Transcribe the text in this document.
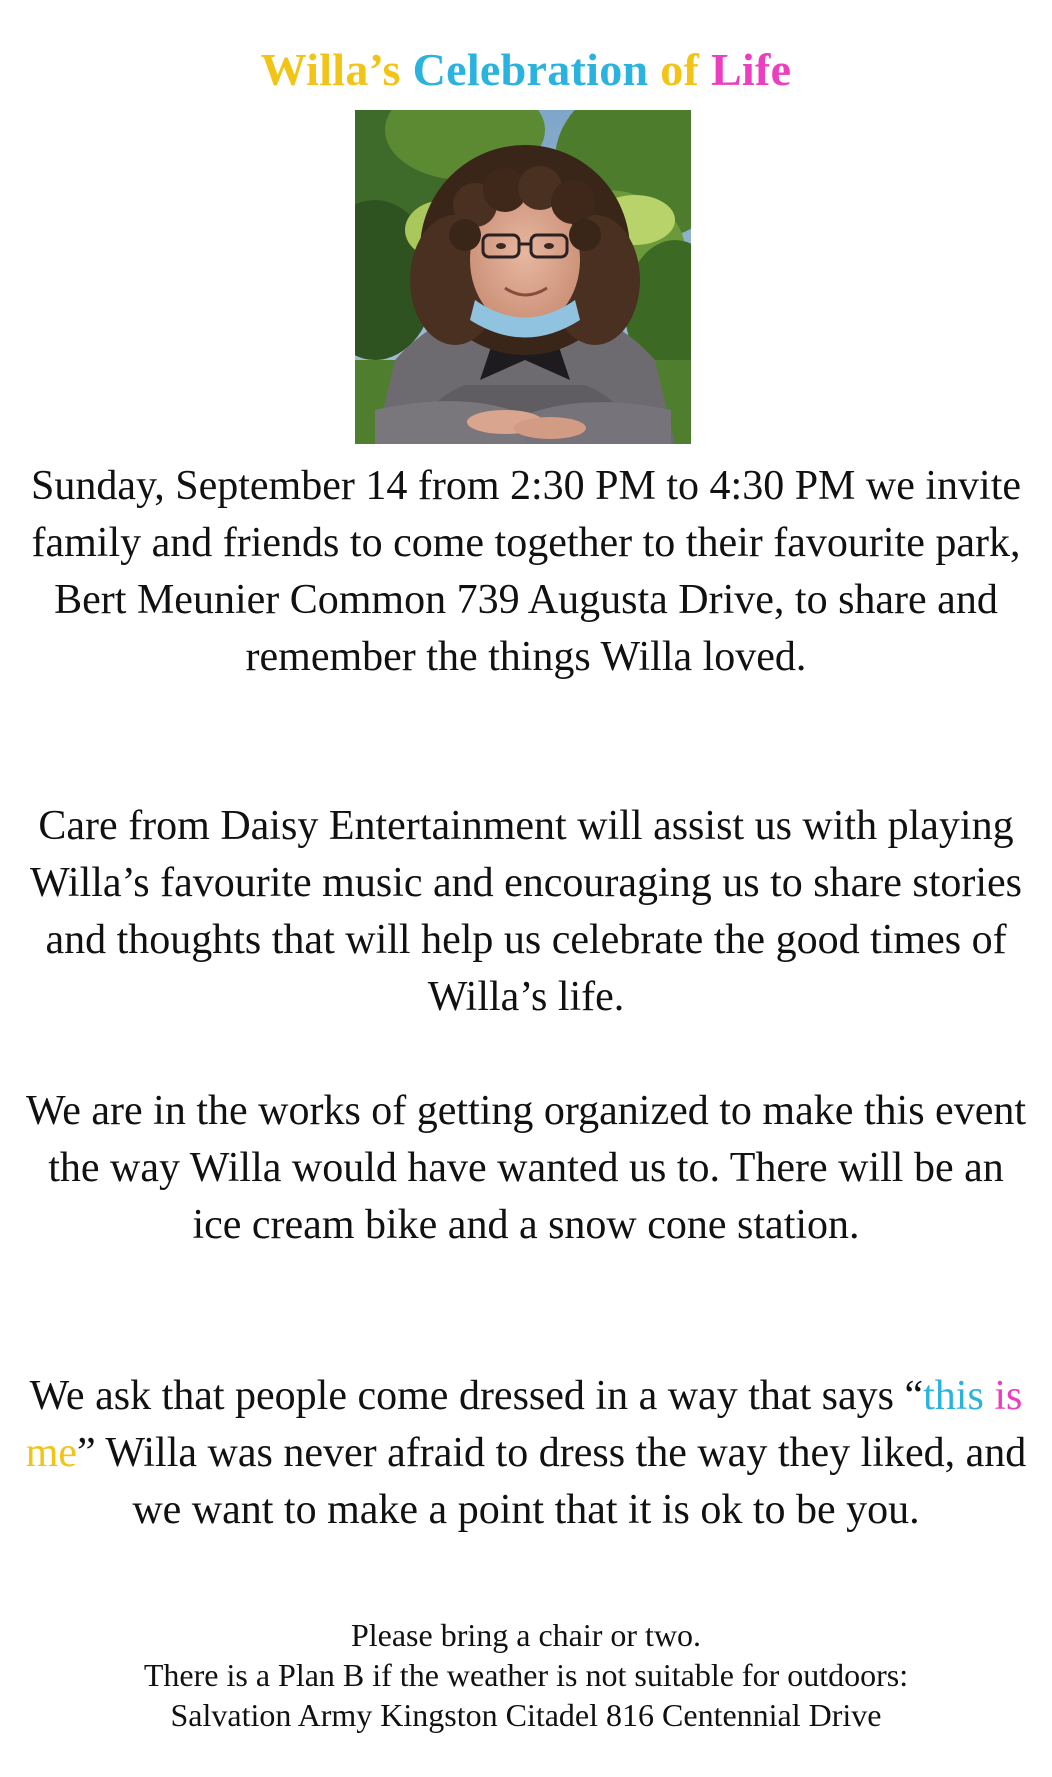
Willa’s Celebration of Life
Sunday, September 14 from 2:30 PM to 4:30 PM we invite family and friends to come together to their favourite park, Bert Meunier Common 739 Augusta Drive, to share and remember the things Willa loved.
Care from Daisy Entertainment will assist us with playing Willa’s favourite music and encouraging us to share stories and thoughts that will help us celebrate the good times of Willa’s life.
We are in the works of getting organized to make this event the way Willa would have wanted us to. There will be an ice cream bike and a snow cone station.
We ask that people come dressed in a way that says “this is me” Willa was never afraid to dress the way they liked, and we want to make a point that it is ok to be you.
Please bring a chair or two.
There is a Plan B if the weather is not suitable for outdoors:
Salvation Army Kingston Citadel 816 Centennial Drive
